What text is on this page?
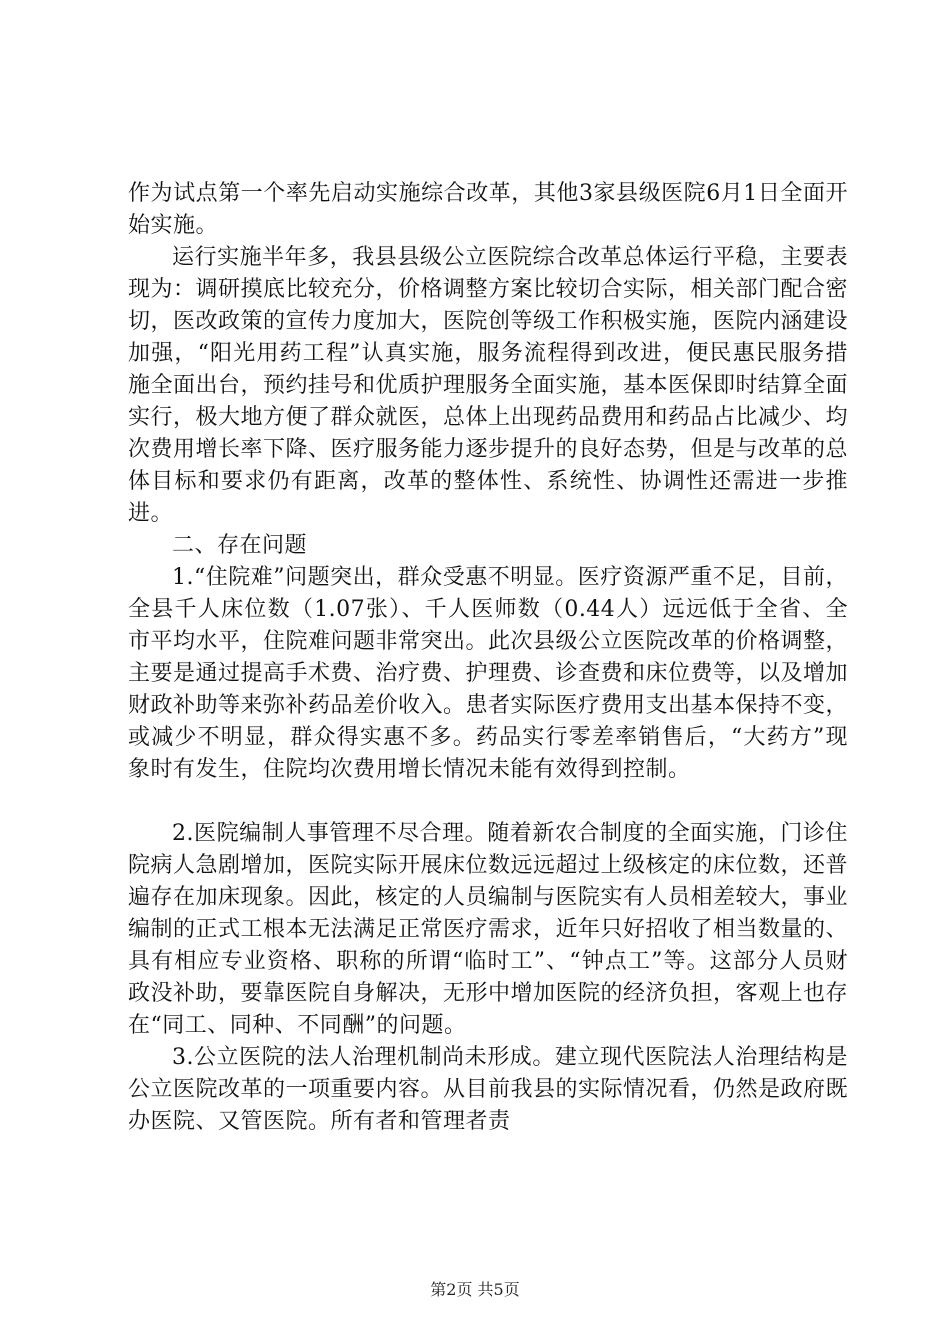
作为试点第一个率先启动实施综合改革，其他3家县级医院6月1日全面开始实施。

运行实施半年多，我县县级公立医院综合改革总体运行平稳，主要表现为：调研摸底比较充分，价格调整方案比较切合实际，相关部门配合密切，医改政策的宣传力度加大，医院创等级工作积极实施，医院内涵建设加强，“阳光用药工程”认真实施，服务流程得到改进，便民惠民服务措施全面出台，预约挂号和优质护理服务全面实施，基本医保即时结算全面实行，极大地方便了群众就医，总体上出现药品费用和药品占比减少、均次费用增长率下降、医疗服务能力逐步提升的良好态势，但是与改革的总体目标和要求仍有距离，改革的整体性、系统性、协调性还需进一步推进。

二、存在问题

1.“住院难”问题突出，群众受惠不明显。医疗资源严重不足，目前，全县千人床位数（1.07张）、千人医师数（0.44人）远远低于全省、全市平均水平，住院难问题非常突出。此次县级公立医院改革的价格调整，主要是通过提高手术费、治疗费、护理费、诊查费和床位费等，以及增加财政补助等来弥补药品差价收入。患者实际医疗费用支出基本保持不变，或减少不明显，群众得实惠不多。药品实行零差率销售后，“大药方”现象时有发生，住院均次费用增长情况未能有效得到控制。

2.医院编制人事管理不尽合理。随着新农合制度的全面实施，门诊住院病人急剧增加，医院实际开展床位数远远超过上级核定的床位数，还普遍存在加床现象。因此，核定的人员编制与医院实有人员相差较大，事业编制的正式工根本无法满足正常医疗需求，近年只好招收了相当数量的、具有相应专业资格、职称的所谓“临时工”、“钟点工”等。这部分人员财政没补助，要靠医院自身解决，无形中增加医院的经济负担，客观上也存在“同工、同种、不同酬”的问题。

3.公立医院的法人治理机制尚未形成。建立现代医院法人治理结构是公立医院改革的一项重要内容。从目前我县的实际情况看，仍然是政府既办医院、又管医院。所有者和管理者责

第2页 共5页
